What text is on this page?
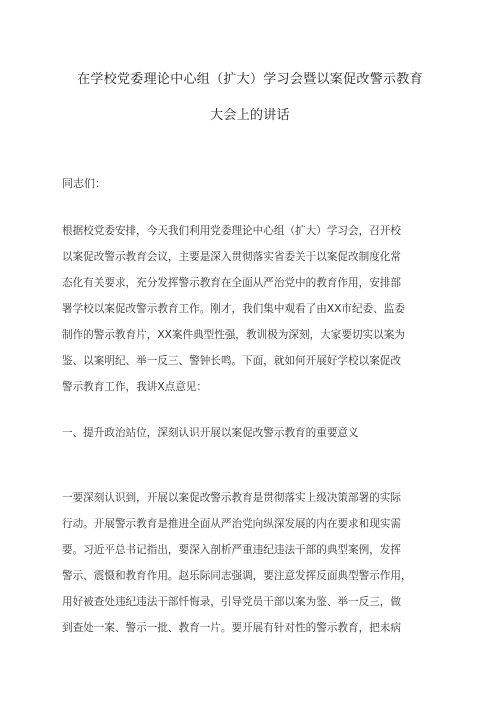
在学校党委理论中心组（扩大）学习会暨以案促改警示教育
大会上的讲话
同志们：
根据校党委安排，今天我们利用党委理论中心组（扩大）学习会，召开校
以案促改警示教育会议，主要是深入贯彻落实省委关于以案促改制度化常
态化有关要求，充分发挥警示教育在全面从严治党中的教育作用，安排部
署学校以案促改警示教育工作。刚才，我们集中观看了由XX市纪委、监委
制作的警示教育片，XX案件典型性强，教训极为深刻，大家要切实以案为
鉴、以案明纪、举一反三、警钟长鸣。下面，就如何开展好学校以案促改
警示教育工作，我讲X点意见：
一、提升政治站位，深刻认识开展以案促改警示教育的重要意义
一要深刻认识到，开展以案促改警示教育是贯彻落实上级决策部署的实际
行动。开展警示教育是推进全面从严治党向纵深发展的内在要求和现实需
要。习近平总书记指出，要深入剖析严重违纪违法干部的典型案例，发挥
警示、震慑和教育作用。赵乐际同志强调，要注意发挥反面典型警示作用，
用好被查处违纪违法干部忏悔录，引导党员干部以案为鉴、举一反三，做
到查处一案、警示一批、教育一片。要开展有针对性的警示教育，把未病
